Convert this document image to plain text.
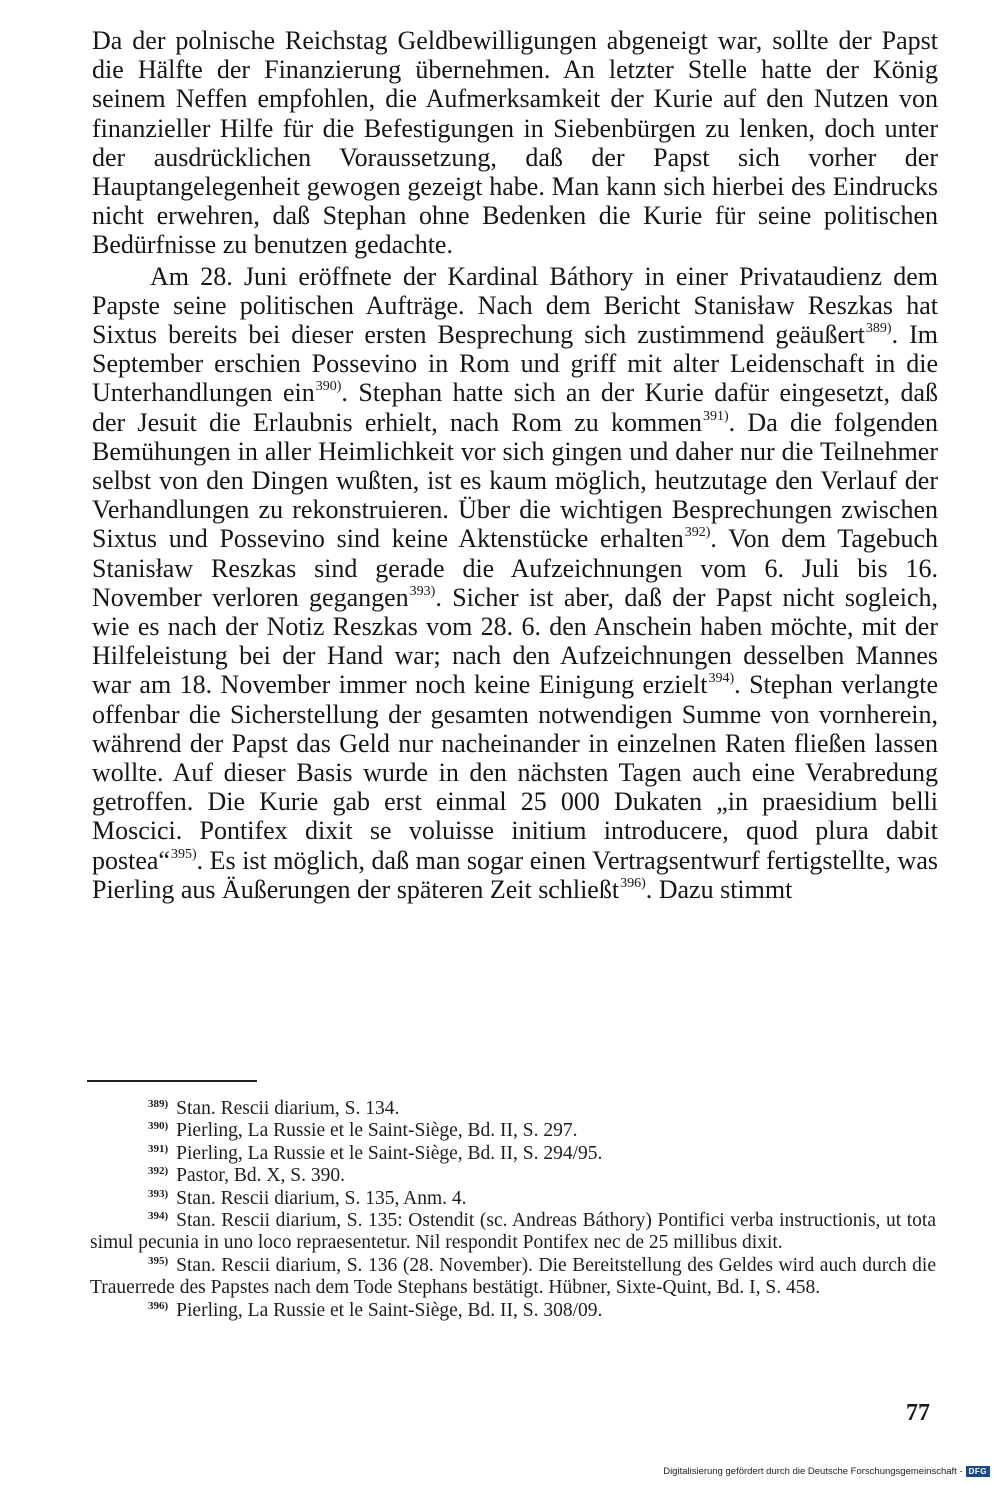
Da der polnische Reichstag Geldbewilligungen abgeneigt war, sollte der Papst die Hälfte der Finanzierung übernehmen. An letzter Stelle hatte der König seinem Neffen empfohlen, die Aufmerksamkeit der Kurie auf den Nutzen von finanzieller Hilfe für die Befestigungen in Siebenbürgen zu lenken, doch unter der ausdrücklichen Voraussetzung, daß der Papst sich vorher der Hauptangelegenheit gewogen gezeigt habe. Man kann sich hierbei des Eindrucks nicht erwehren, daß Stephan ohne Bedenken die Kurie für seine politischen Bedürfnisse zu benutzen gedachte.

Am 28. Juni eröffnete der Kardinal Báthory in einer Privataudienz dem Papste seine politischen Aufträge. Nach dem Bericht Stanisław Reszkas hat Sixtus bereits bei dieser ersten Besprechung sich zustimmend geäußert$^{389)}$. Im September erschien Possevino in Rom und griff mit alter Leidenschaft in die Unterhandlungen ein$^{390)}$. Stephan hatte sich an der Kurie dafür eingesetzt, daß der Jesuit die Erlaubnis erhielt, nach Rom zu kommen$^{391)}$. Da die folgenden Bemühungen in aller Heimlichkeit vor sich gingen und daher nur die Teilnehmer selbst von den Dingen wußten, ist es kaum möglich, heutzutage den Verlauf der Verhandlungen zu rekonstruieren. Über die wichtigen Besprechungen zwischen Sixtus und Possevino sind keine Aktenstücke erhalten$^{392)}$. Von dem Tagebuch Stanisław Reszkas sind gerade die Aufzeichnungen vom 6. Juli bis 16. November verloren gegangen$^{393)}$. Sicher ist aber, daß der Papst nicht sogleich, wie es nach der Notiz Reszkas vom 28. 6. den Anschein haben möchte, mit der Hilfeleistung bei der Hand war; nach den Aufzeichnungen desselben Mannes war am 18. November immer noch keine Einigung erzielt$^{394)}$. Stephan verlangte offenbar die Sicherstellung der gesamten notwendigen Summe von vornherein, während der Papst das Geld nur nacheinander in einzelnen Raten fließen lassen wollte. Auf dieser Basis wurde in den nächsten Tagen auch eine Verabredung getroffen. Die Kurie gab erst einmal 25 000 Dukaten „in praesidium belli Moscici. Pontifex dixit se voluisse initium introducere, quod plura dabit postea“$^{395)}$. Es ist möglich, daß man sogar einen Vertragsentwurf fertigstellte, was Pierling aus Äußerungen der späteren Zeit schließt$^{396)}$. Dazu stimmt

$^{389)}$ Stan. Rescii diarium, S. 134.

$^{390)}$ Pierling, La Russie et le Saint-Siège, Bd. II, S. 297.

$^{391)}$ Pierling, La Russie et le Saint-Siège, Bd. II, S. 294/95.

$^{392)}$ Pastor, Bd. X, S. 390.

$^{393)}$ Stan. Rescii diarium, S. 135, Anm. 4.

$^{394)}$ Stan. Rescii diarium, S. 135: Ostendit (sc. Andreas Báthory) Pontifici verba instructionis, ut tota simul pecunia in uno loco repraesentetur. Nil respondit Pontifex nec de 25 millibus dixit.

$^{395)}$ Stan. Rescii diarium, S. 136 (28. November). Die Bereitstellung des Geldes wird auch durch die Trauerrede des Papstes nach dem Tode Stephans bestätigt. Hübner, Sixte-Quint, Bd. I, S. 458.

$^{396)}$ Pierling, La Russie et le Saint-Siège, Bd. II, S. 308/09.

77
Digitalisierung gefördert durch die Deutsche Forschungsgemeinschaft - DFG
